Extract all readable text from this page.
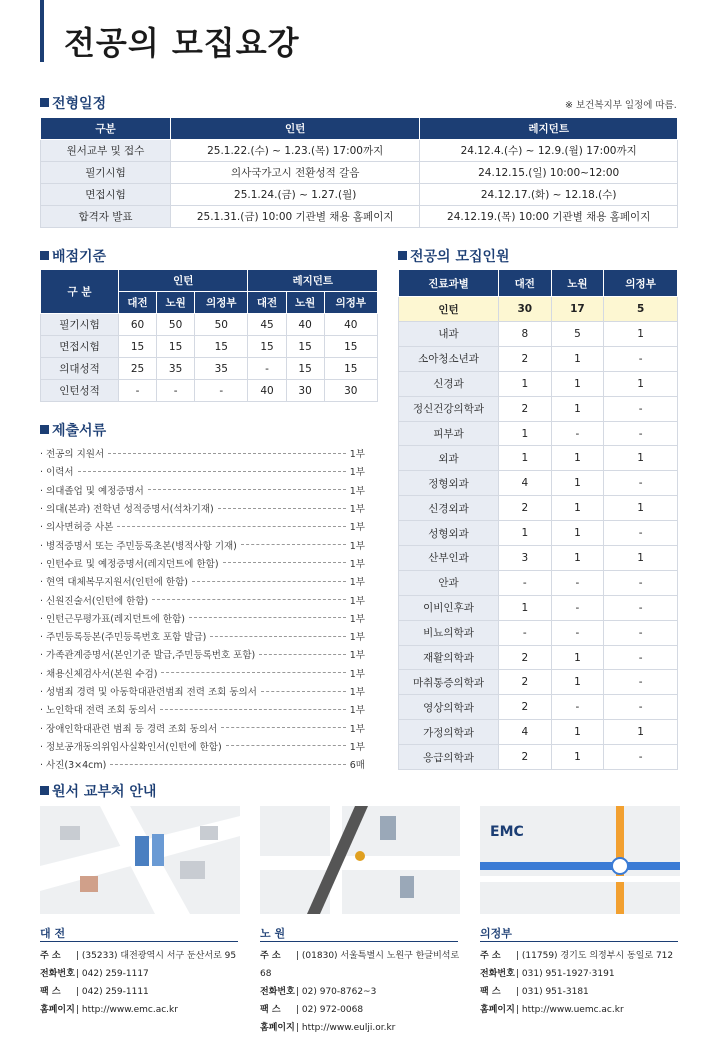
전공의 모집요강
전형일정	※ 보건복지부 일정에 따름.
구분	인턴	레지던트
원서교부 및 접수	25.1.22.(수) ~ 1.23.(목) 17:00까지	24.12.4.(수) ~ 12.9.(월) 17:00까지
필기시험	의사국가고시 전환성적 갈음	24.12.15.(일) 10:00~12:00
면접시험	25.1.24.(금) ~ 1.27.(월)	24.12.17.(화) ~ 12.18.(수)
합격자 발표	25.1.31.(금) 10:00 기관별 채용 홈페이지	24.12.19.(목) 10:00 기관별 채용 홈페이지
배점기준
구 분	인턴			레지던트		
	대전	노원	의정부	대전	노원	의정부
필기시험	60	50	50	45	40	40
면접시험	15	15	15	15	15	15
의대성적	25	35	35	-	15	15
인턴성적	-	-	-	40	30	30
제출서류
· 전공의 지원서	1부
· 이력서	1부
· 의대졸업 및 예정증명서	1부
· 의대(본과) 전학년 성적증명서(석차기재)	1부
· 의사면허증 사본	1부
· 병적증명서 또는 주민등록초본(병적사항 기재)	1부
· 인턴수료 및 예정증명서(레지던트에 한함)	1부
· 현역 대체복무지원서(인턴에 한함)	1부
· 신원진술서(인턴에 한함)	1부
· 인턴근무평가표(레지던트에 한함)	1부
· 주민등록등본(주민등록번호 포함 발급)	1부
· 가족관계증명서(본인기준 발급,주민등록번호 포함)	1부
· 채용신체검사서(본원 수검)	1부
· 성범죄 경력 및 아동학대관련범죄 전력 조회 동의서	1부
· 노인학대 전력 조회 동의서	1부
· 장애인학대관련 범죄 등 경력 조회 동의서	1부
· 정보공개동의위임사실확인서(인턴에 한함)	1부
· 사진(3×4cm)	6매
전공의 모집인원
진료과별	대전	노원	의정부
인턴	30	17	5
내과	8	5	1
소아청소년과	2	1	-
신경과	1	1	1
정신건강의학과	2	1	-
피부과	1	-	-
외과	1	1	1
정형외과	4	1	-
신경외과	2	1	1
성형외과	1	1	-
산부인과	3	1	1
안과	-	-	-
이비인후과	1	-	-
비뇨의학과	-	-	-
재활의학과	2	1	-
마취통증의학과	2	1	-
영상의학과	2	-	-
가정의학과	4	1	1
응급의학과	2	1	-
원서 교부처 안내
EMC
대 전
주 소 | (35233) 대전광역시 서구 둔산서로 95
전화번호| 042) 259-1117
팩 스 | 042) 259-1111
홈페이지| http://www.emc.ac.kr
노 원
주 소 | (01830) 서울특별시 노원구 한글비석로68
전화번호| 02) 970-8762~3
팩 스 | 02) 972-0068
홈페이지| http://www.eulji.or.kr
의정부
주 소 | (11759) 경기도 의정부시 동일로 712
전화번호| 031) 951-1927·3191
팩 스 | 031) 951-3181
홈페이지| http://www.uemc.ac.kr
